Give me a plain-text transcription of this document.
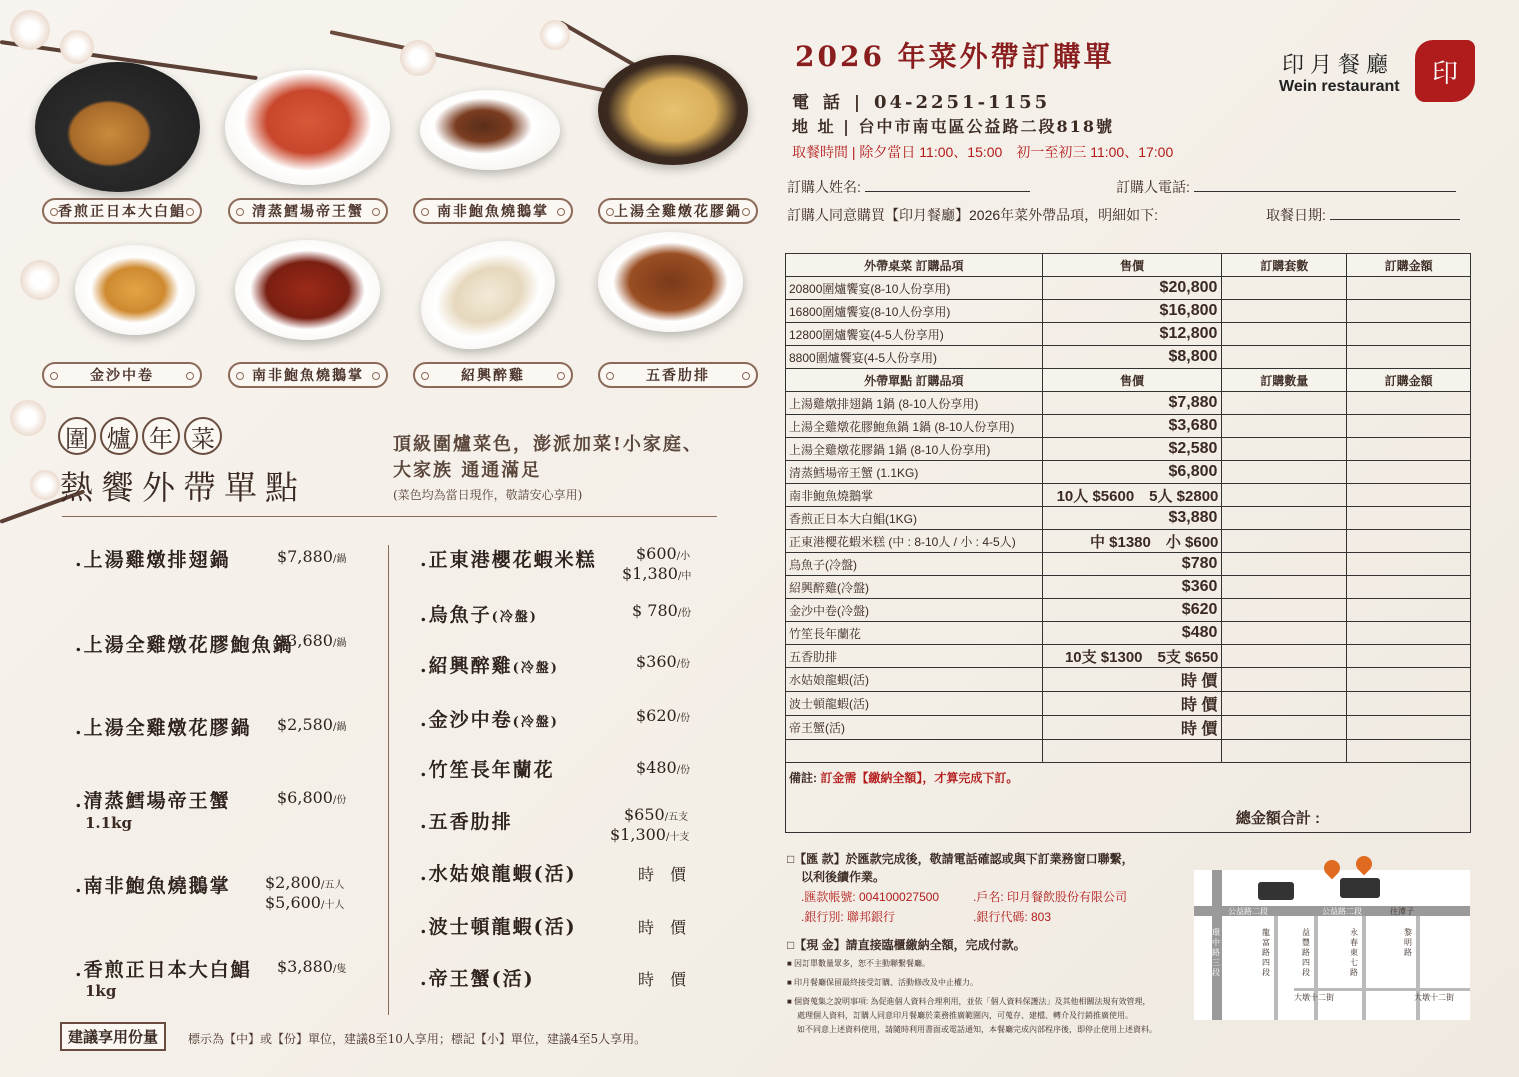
香煎正日本大白鯧	清蒸鱈場帝王蟹	南非鮑魚燒鵝掌	上湯全雞燉花膠鍋
金沙中卷	南非鮑魚燒鵝掌	紹興醉雞	五香肋排
圍 爐 年 菜
熱饗外帶單點
頂級圍爐菜色，澎派加菜!小家庭、
大家族 通通滿足
(菜色均為當日現作，敬請安心享用)
.上湯雞燉排翅鍋	$7,880/鍋
.上湯全雞燉花膠鮑魚鍋
$3,680/鍋
.上湯全雞燉花膠鍋 $2,580/鍋
.清蒸鱈場帝王蟹	$6,800/份
1.1kg
.南非鮑魚燒鵝掌 $2,800/五人
$5,600/十人
.香煎正日本大白鯧 $3,880/隻
1kg
.正東港櫻花蝦米糕 $600/小
$1,380/中
.烏魚子(冷盤)	$ 780/份
.紹興醉雞(冷盤)	$360/份
.金沙中卷(冷盤)	$620/份
.竹笙長年蘭花	$480/份
.五香肋排	$650/五支
$1,300/十支
.水姑娘龍蝦(活)	時　價
.波士頓龍蝦(活)	時　價
.帝王蟹(活)	時　價
建議享用份量	標示為【中】或【份】單位，建議8至10人享用；標記【小】單位，建議4至5人享用。
2026 年菜外帶訂購單	印月餐廳
Wein restaurant	印
電 話 | 04-2251-1155
地 址 | 台中市南屯區公益路二段818號
取餐時間 | 除夕當日 11:00、15:00　初一至初三 11:00、17:00
訂購人姓名:	訂購人電話:
訂購人同意購買【印月餐廳】2026年菜外帶品項，明細如下:	取餐日期:
外帶桌菜 訂購品項	售價	訂購套數	訂購金額
20800圍爐饗宴(8-10人份享用)	$20,800		
16800圍爐饗宴(8-10人份享用)	$16,800		
12800圍爐饗宴(4-5人份享用)	$12,800		
8800圍爐饗宴(4-5人份享用)	$8,800		
外帶單點 訂購品項	售價	訂購數量	訂購金額
上湯雞燉排翅鍋 1鍋 (8-10人份享用)	$7,880		
上湯全雞燉花膠鮑魚鍋 1鍋 (8-10人份享用)	$3,680		
上湯全雞燉花膠鍋 1鍋 (8-10人份享用)	$2,580		
清蒸鱈場帝王蟹 (1.1KG)	$6,800		
南非鮑魚燒鵝掌	10人 $5600　5人 $2800		
香煎正日本大白鯧(1KG)	$3,880		
正東港櫻花蝦米糕 (中 : 8-10人 / 小 : 4-5人)	中 $1380　小 $600		
烏魚子(冷盤)	$780		
紹興醉雞(冷盤)	$360		
金沙中卷(冷盤)	$620		
竹笙長年蘭花	$480		
五香肋排	10支 $1300　5支 $650		
水姑娘龍蝦(活)	時 價		
波士頓龍蝦(活)	時 價		
帝王蟹(活)	時 價		

備註: 訂金需【繳納全額】，才算完成下訂。
總金額合計 :			
□【匯 款】於匯款完成後，敬請電話確認或與下訂業務窗口聯繫，
以利後續作業。
.匯款帳號: 004100027500	.戶名: 印月餐飲股份有限公司
.銀行別: 聯邦銀行	.銀行代碼: 803
□【現 金】請直接臨櫃繳納全額，完成付款。
■ 因訂單數量眾多，恕不主動聯繫餐廳。
■ 印月餐廳保留最終接受訂購、活動修改及中止權力。
■ 個資蒐集之說明事項: 為促進個人資料合理利用，並依「個人資料保護法」及其他相關法規有效管理，
處理個人資料，訂購人同意印月餐廳於業務推廣範圍內，可蒐存、建檔、轉介及行銷推廣使用。
如不同意上述資料使用，請隨時利用書面或電話通知，本餐廳完成內部程序後，即停止使用上述資料。
公益路二段	公益路二段	往潭子
環中路三段
龍富路四段
益豐路四段
永春東七路
黎明路
大墩十二街	大墩十二街
